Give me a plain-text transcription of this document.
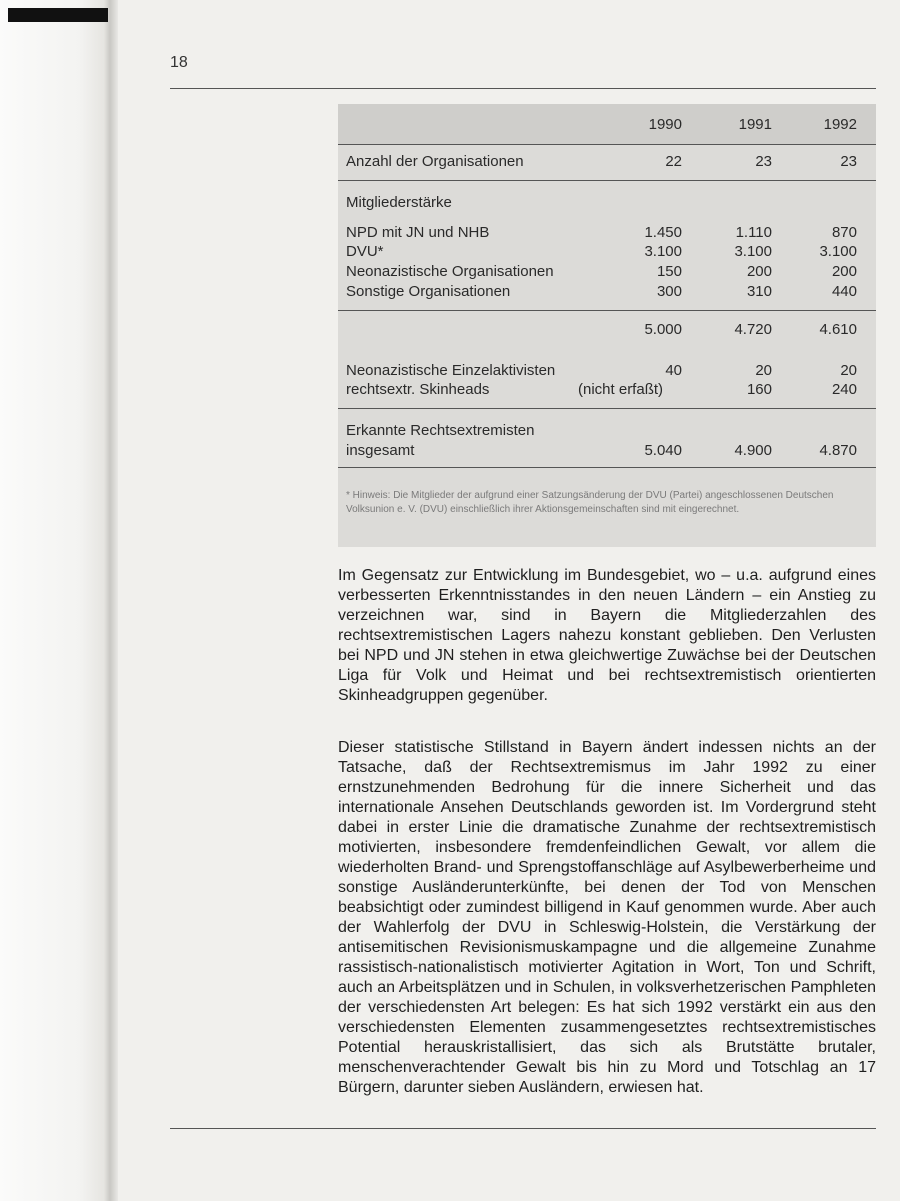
18
1990	1991	1992
Anzahl der Organisationen	22	23	23
Mitgliederstärke
NPD mit JN und NHB	1.450	1.110	870
DVU*	3.100	3.100	3.100
Neonazistische Organisationen	150	200	200
Sonstige Organisationen	300	310	440
5.000	4.720	4.610
Neonazistische Einzelaktivisten	40	20	20
rechtsextr. Skinheads	(nicht erfaßt)	160	240
Erkannte Rechtsextremisten
insgesamt	5.040	4.900	4.870
* Hinweis: Die Mitglieder der aufgrund einer Satzungsänderung der DVU (Partei) angeschlossenen Deutschen Volksunion e. V. (DVU) einschließlich ihrer Aktionsgemeinschaften sind mit eingerechnet.

Im Gegensatz zur Entwicklung im Bundesgebiet, wo – u.a. aufgrund eines verbesserten Erkenntnisstandes in den neuen Ländern – ein Anstieg zu verzeichnen war, sind in Bayern die Mitgliederzahlen des rechtsextremistischen Lagers nahezu konstant geblieben. Den Verlusten bei NPD und JN stehen in etwa gleichwertige Zuwächse bei der Deutschen Liga für Volk und Heimat und bei rechtsextremistisch orientierten Skinheadgruppen gegenüber.

Dieser statistische Stillstand in Bayern ändert indessen nichts an der Tatsache, daß der Rechtsextremismus im Jahr 1992 zu einer ernstzunehmenden Bedrohung für die innere Sicherheit und das internationale Ansehen Deutschlands geworden ist. Im Vordergrund steht dabei in erster Linie die dramatische Zunahme der rechtsextremistisch motivierten, insbesondere fremdenfeindlichen Gewalt, vor allem die wiederholten Brand- und Sprengstoffanschläge auf Asylbewerberheime und sonstige Ausländerunterkünfte, bei denen der Tod von Menschen beabsichtigt oder zumindest billigend in Kauf genommen wurde. Aber auch der Wahlerfolg der DVU in Schleswig-Holstein, die Verstärkung der antisemitischen Revisionismuskampagne und die allgemeine Zunahme rassistisch-nationalistisch motivierter Agitation in Wort, Ton und Schrift, auch an Arbeitsplätzen und in Schulen, in volksverhetzerischen Pamphleten der verschiedensten Art belegen: Es hat sich 1992 verstärkt ein aus den verschiedensten Elementen zusammengesetztes rechtsextremistisches Potential herauskristallisiert, das sich als Brutstätte brutaler, menschenverachtender Gewalt bis hin zu Mord und Totschlag an 17 Bürgern, darunter sieben Ausländern, erwiesen hat.
